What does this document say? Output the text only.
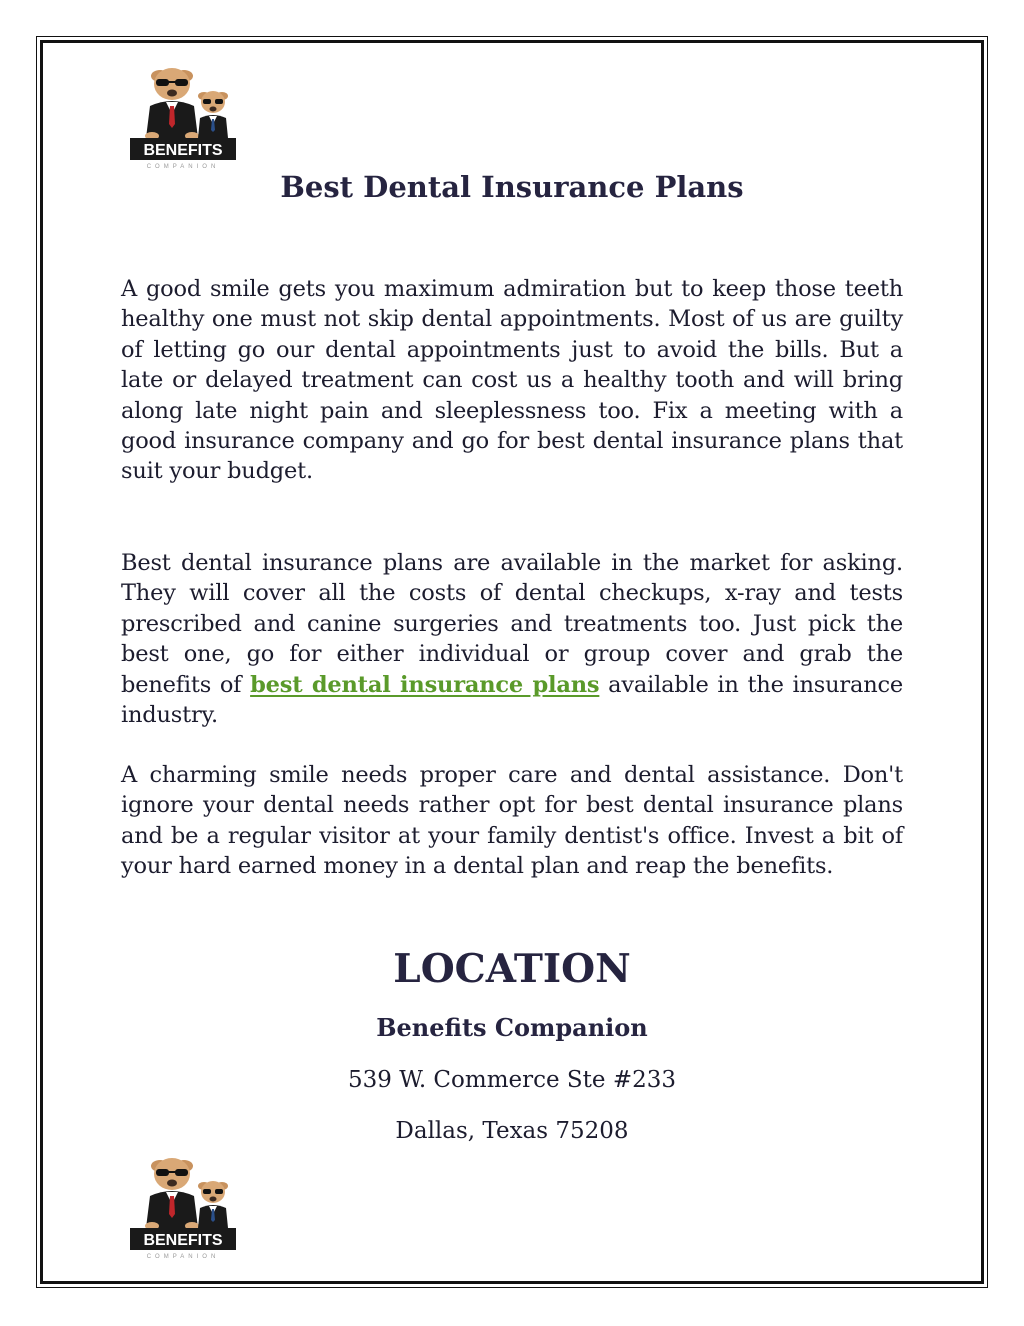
BENEFITS
COMPANION
Best Dental Insurance Plans

A good smile gets you maximum admiration but to keep those teeth healthy one must not skip dental appointments. Most of us are guilty of letting go our dental appointments just to avoid the bills. But a late or delayed treatment can cost us a healthy tooth and will bring along late night pain and sleeplessness too. Fix a meeting with a good insurance company and go for best dental insurance plans that suit your budget.

Best dental insurance plans are available in the market for asking. They will cover all the costs of dental checkups, x-ray and tests prescribed and canine surgeries and treatments too. Just pick the best one, go for either individual or group cover and grab the benefits of best dental insurance plans available in the insurance industry.

A charming smile needs proper care and dental assistance. Don't ignore your dental needs rather opt for best dental insurance plans and be a regular visitor at your family dentist's office. Invest a bit of your hard earned money in a dental plan and reap the benefits.

LOCATION

Benefits Companion

539 W. Commerce Ste #233

Dallas, Texas 75208

BENEFITS
COMPANION
